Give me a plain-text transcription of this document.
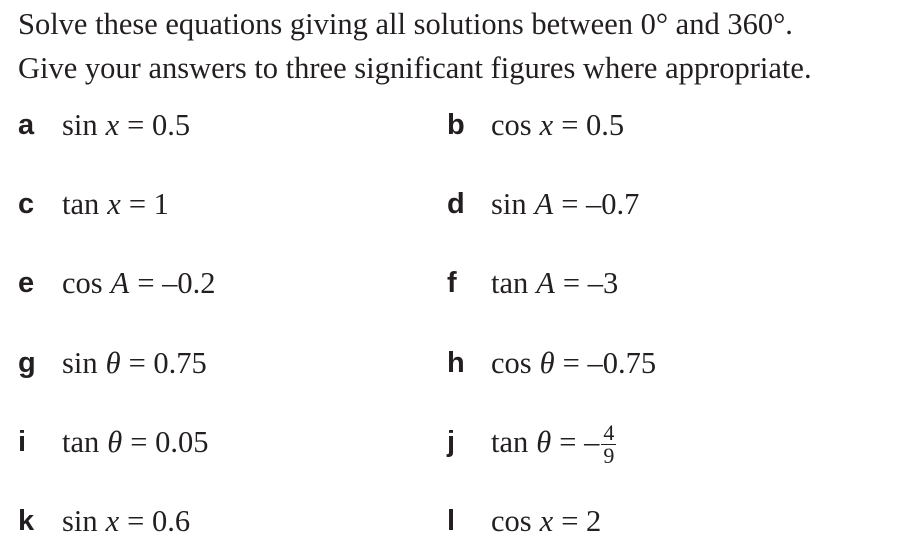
Solve these equations giving all solutions between 0° and 360°.
Give your answers to three significant figures where appropriate.
a sin x = 0.5	b cos x = 0.5
c tan x = 1	d sin A = –0.7
e cos A = –0.2	f	tan A = –3
g sin θ = 0.75	h cos θ = –0.75
i	tan θ = 0.05	j	tan θ = – $\frac{4}{9}$
k sin x = 0.6	l	cos x = 2
